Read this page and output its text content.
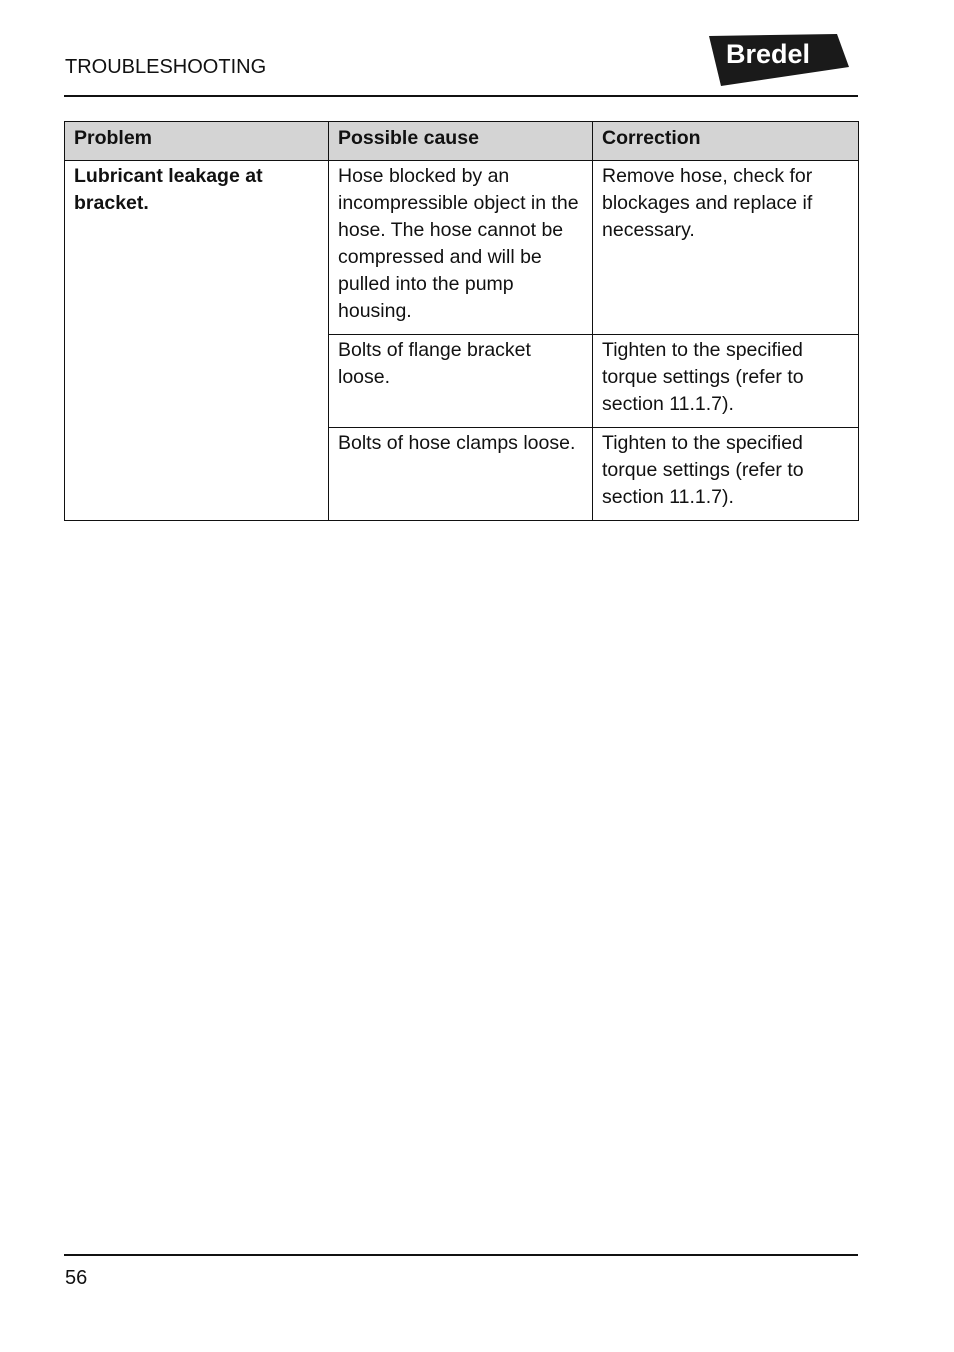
TROUBLESHOOTING	Bredel
Problem	Possible cause	Correction
Lubricant leakage at bracket.	Hose blocked by an incompressible object in the hose. The hose cannot be compressed and will be pulled into the pump housing.	Remove hose, check for blockages and replace if necessary.
	Bolts of flange bracket loose.	Tighten to the specified torque settings (refer to section 11.1.7).
	Bolts of hose clamps loose.	Tighten to the specified torque settings (refer to section 11.1.7).
56
